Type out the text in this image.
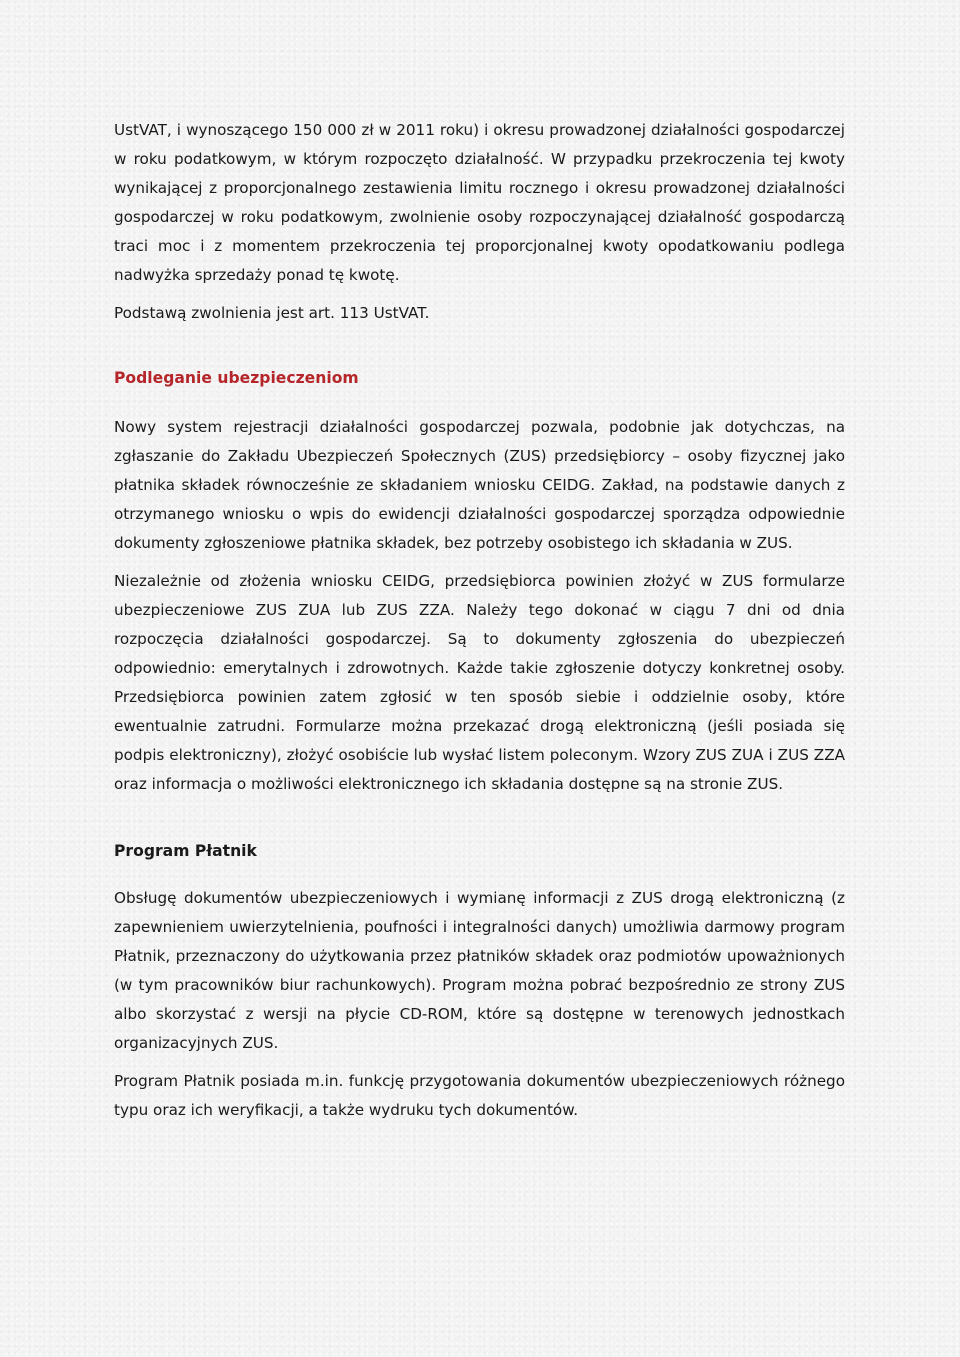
UstVAT, i wynoszącego 150 000 zł w 2011 roku) i okresu prowadzonej działalności gospodarczej w roku podatkowym, w którym rozpoczęto działalność. W przypadku przekroczenia tej kwoty wynikającej z proporcjonalnego zestawienia limitu rocznego i okresu prowadzonej działalności gospodarczej w roku podatkowym, zwolnienie osoby rozpoczynającej działalność gospodarczą traci moc i z momentem przekroczenia tej proporcjonalnej kwoty opodatkowaniu podlega nadwyżka sprzedaży ponad tę kwotę.

Podstawą zwolnienia jest art. 113 UstVAT.

Podleganie ubezpieczeniom

Nowy system rejestracji działalności gospodarczej pozwala, podobnie jak dotychczas, na zgłaszanie do Zakładu Ubezpieczeń Społecznych (ZUS) przedsiębiorcy – osoby fizycznej jako płatnika składek równocześnie ze składaniem wniosku CEIDG. Zakład, na podstawie danych z otrzymanego wniosku o wpis do ewidencji działalności gospodarczej sporządza odpowiednie dokumenty zgłoszeniowe płatnika składek, bez potrzeby osobistego ich składania w ZUS.

Niezależnie od złożenia wniosku CEIDG, przedsiębiorca powinien złożyć w ZUS formularze ubezpieczeniowe ZUS ZUA lub ZUS ZZA. Należy tego dokonać w ciągu 7 dni od dnia rozpoczęcia działalności gospodarczej. Są to dokumenty zgłoszenia do ubezpieczeń odpowiednio: emerytalnych i zdrowotnych. Każde takie zgłoszenie dotyczy konkretnej osoby. Przedsiębiorca powinien zatem zgłosić w ten sposób siebie i oddzielnie osoby, które ewentualnie zatrudni. Formularze można przekazać drogą elektroniczną (jeśli posiada się podpis elektroniczny), złożyć osobiście lub wysłać listem poleconym. Wzory ZUS ZUA i ZUS ZZA oraz informacja o możliwości elektronicznego ich składania dostępne są na stronie ZUS.

Program Płatnik

Obsługę dokumentów ubezpieczeniowych i wymianę informacji z ZUS drogą elektroniczną (z zapewnieniem uwierzytelnienia, poufności i integralności danych) umożliwia darmowy program Płatnik, przeznaczony do użytkowania przez płatników składek oraz podmiotów upoważnionych (w tym pracowników biur rachunkowych). Program można pobrać bezpośrednio ze strony ZUS albo skorzystać z wersji na płycie CD-ROM, które są dostępne w terenowych jednostkach organizacyjnych ZUS.

Program Płatnik posiada m.in. funkcję przygotowania dokumentów ubezpieczeniowych różnego typu oraz ich weryfikacji, a także wydruku tych dokumentów.
